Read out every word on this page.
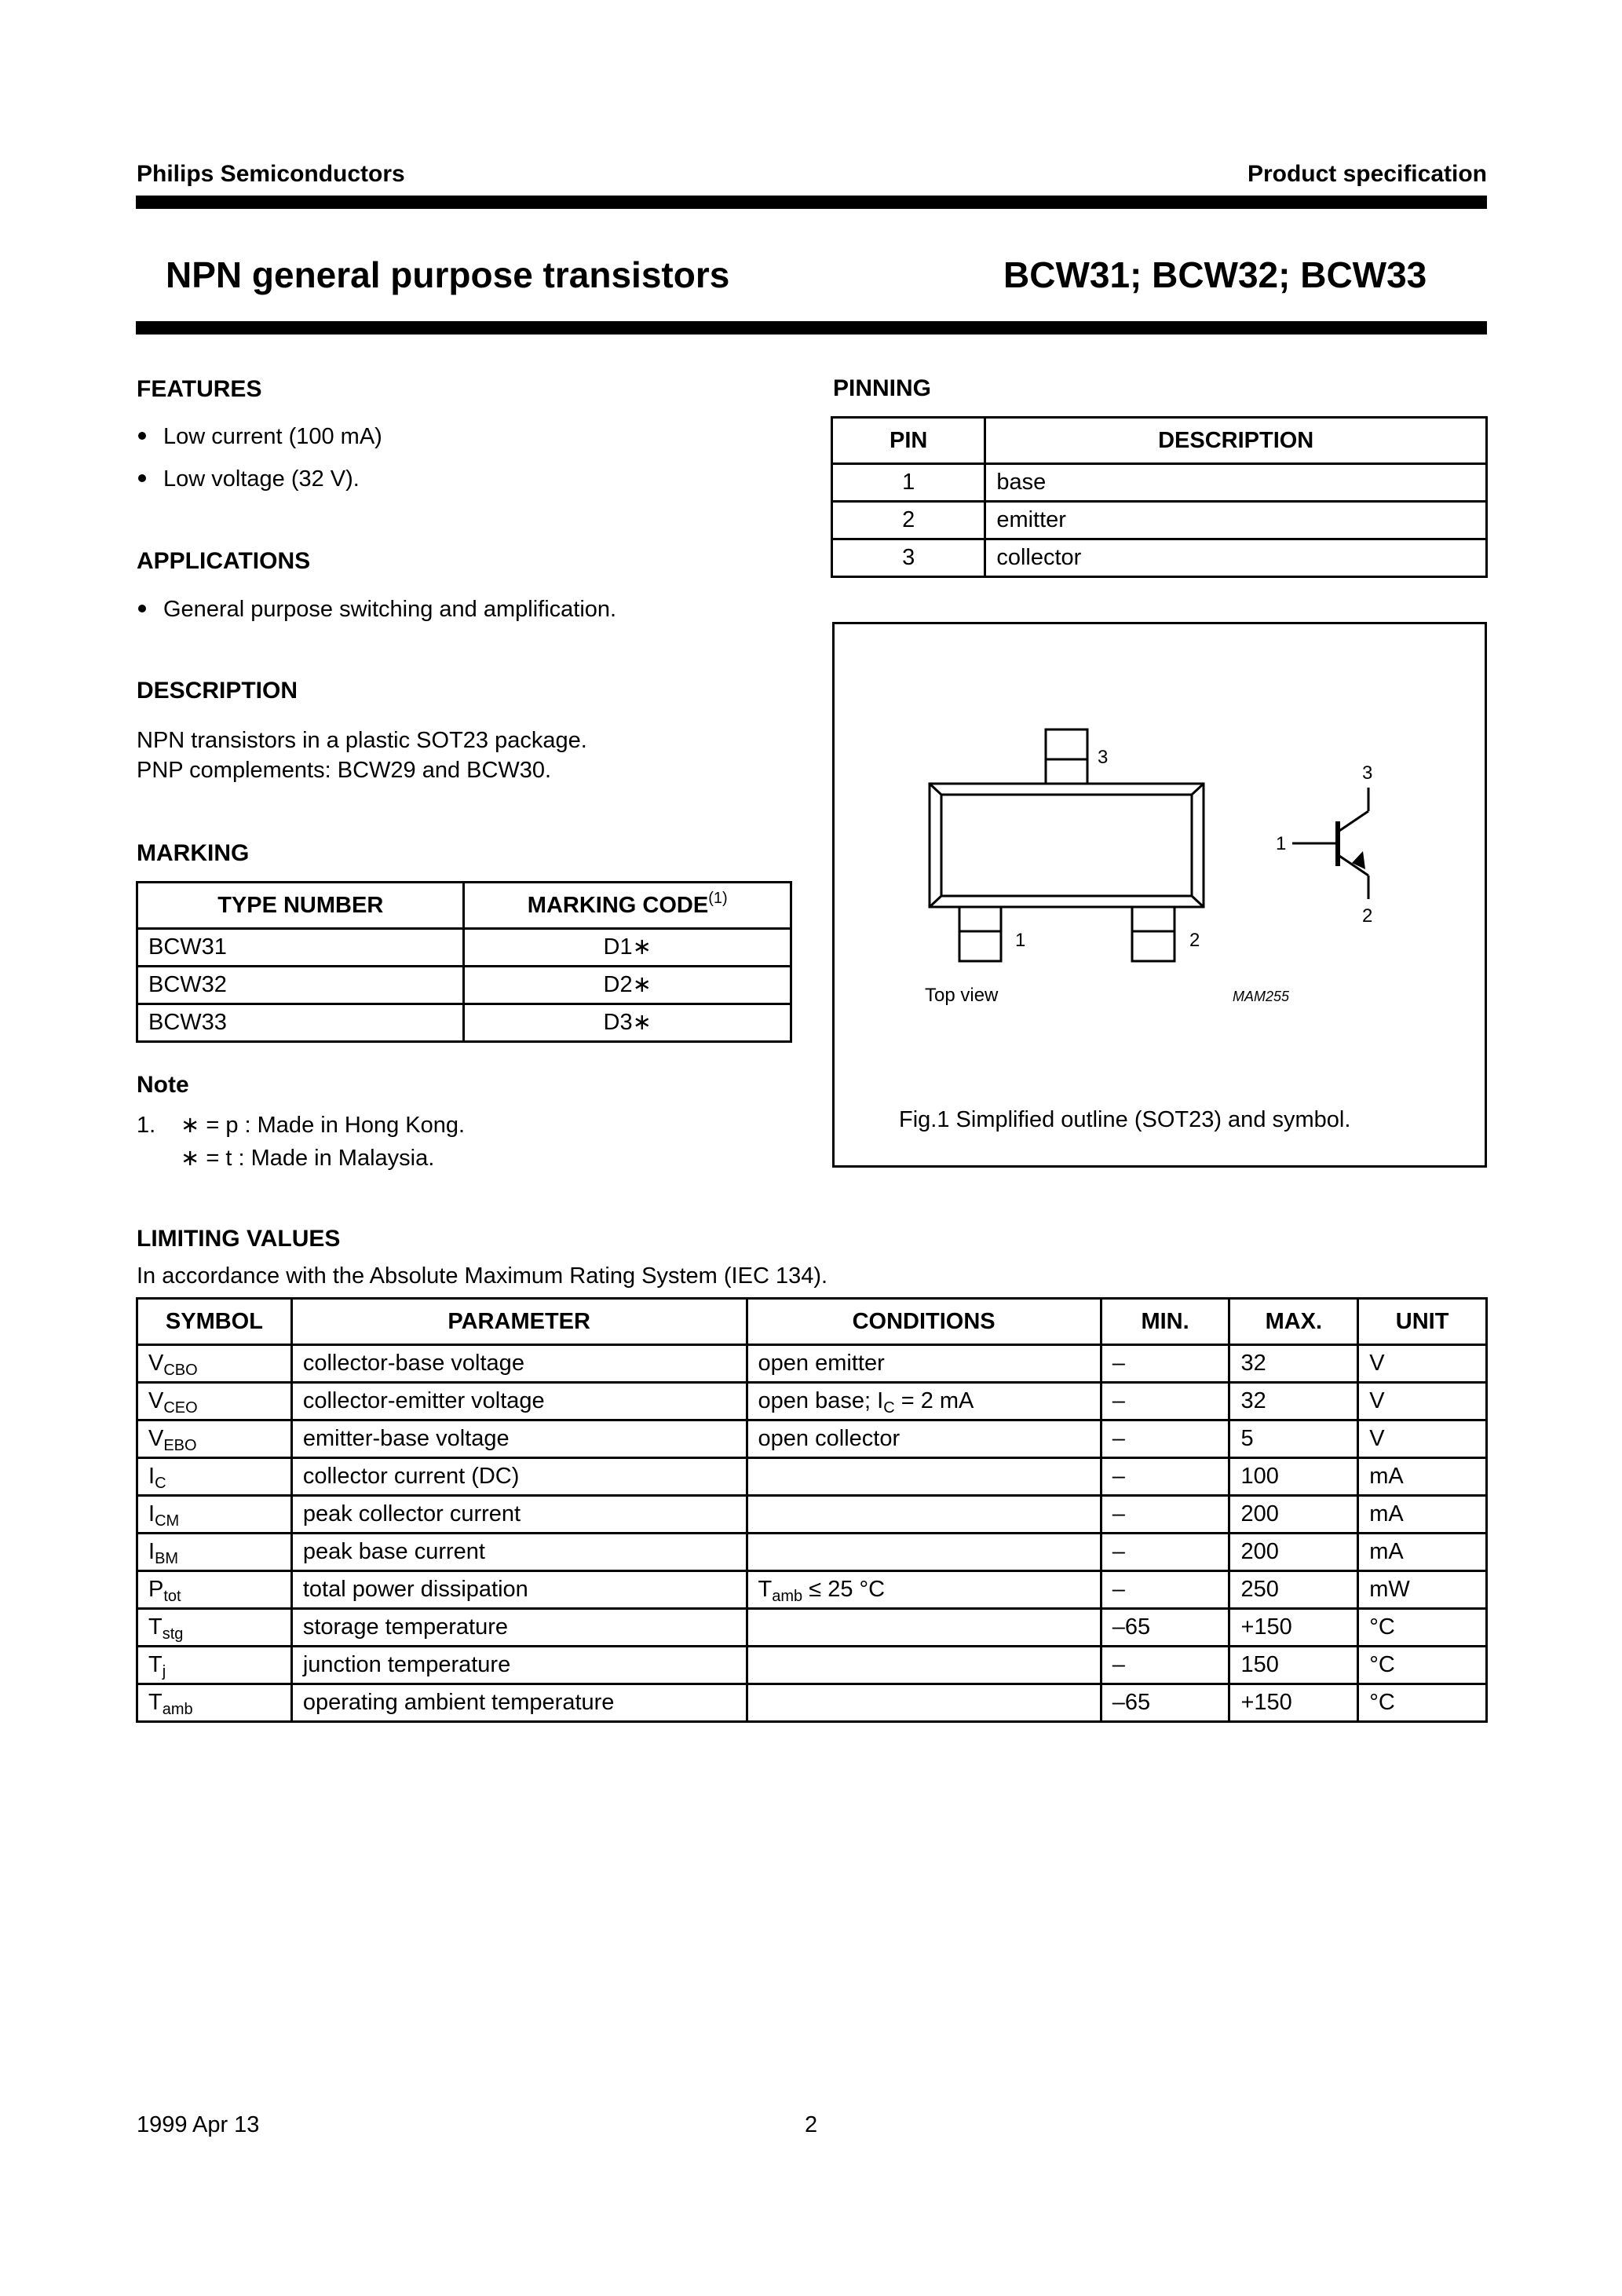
Philips Semiconductors	Product specification
NPN general purpose transistors	BCW31; BCW32; BCW33
FEATURES
Low current (100 mA)
Low voltage (32 V).
APPLICATIONS
General purpose switching and amplification.
DESCRIPTION
NPN transistors in a plastic SOT23 package.
PNP complements: BCW29 and BCW30.
MARKING
TYPE NUMBER	MARKING CODE$^{(1)}$
BCW31	D1∗
BCW32	D2∗
BCW33	D3∗
Note
1. ∗ = p : Made in Hong Kong.
∗ = t : Made in Malaysia.
PINNING
PIN	DESCRIPTION
1	base
2	emitter
3	collector
3
1	2
Top view	MAM255
1
3
2
Fig.1 Simplified outline (SOT23) and symbol.
LIMITING VALUES
In accordance with the Absolute Maximum Rating System (IEC 134).
SYMBOL	PARAMETER	CONDITIONS	MIN.	MAX.	UNIT
$V_{CBO}$	collector-base voltage	open emitter	–	32	V
$V_{CEO}$	collector-emitter voltage	open base; $I_C = 2$ mA	–	32	V
$V_{EBO}$	emitter-base voltage	open collector	–	5	V
$I_C$	collector current (DC)		–	100	mA
$I_{CM}$	peak collector current		–	200	mA
$I_{BM}$	peak base current		–	200	mA
$P_{tot}$	total power dissipation	$T_{amb} \le 25$ °C	–	250	mW
$T_{stg}$	storage temperature		–65	+150	°C
$T_j$	junction temperature		–	150	°C
$T_{amb}$	operating ambient temperature		–65	+150	°C
1999 Apr 13	2
